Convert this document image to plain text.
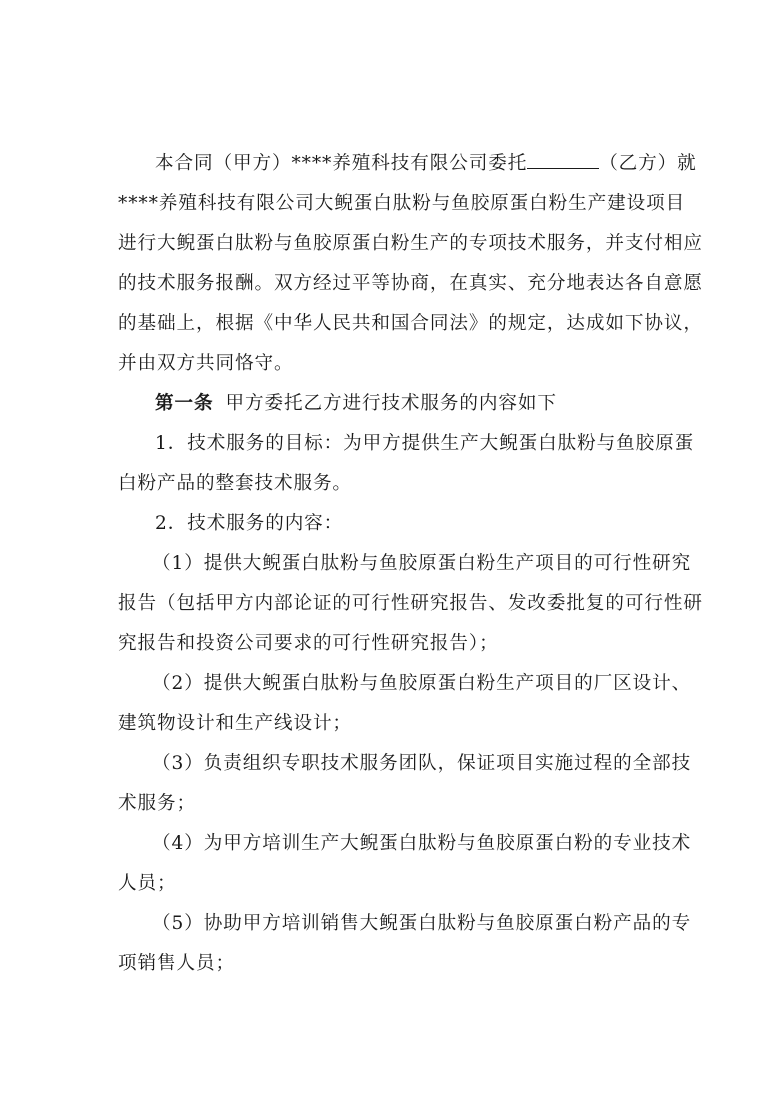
本合同（甲方）****养殖科技有限公司委托	（乙方）就
****养殖科技有限公司大鲵蛋白肽粉与鱼胶原蛋白粉生产建设项目
进行大鲵蛋白肽粉与鱼胶原蛋白粉生产的专项技术服务，并支付相应
的技术服务报酬。双方经过平等协商，在真实、充分地表达各自意愿
的基础上，根据《中华人民共和国合同法》的规定，达成如下协议，
并由双方共同恪守。
第一条 甲方委托乙方进行技术服务的内容如下
1．技术服务的目标：为甲方提供生产大鲵蛋白肽粉与鱼胶原蛋
白粉产品的整套技术服务。
2．技术服务的内容：
（1）提供大鲵蛋白肽粉与鱼胶原蛋白粉生产项目的可行性研究
报告（包括甲方内部论证的可行性研究报告、发改委批复的可行性研
究报告和投资公司要求的可行性研究报告）；
（2）提供大鲵蛋白肽粉与鱼胶原蛋白粉生产项目的厂区设计、
建筑物设计和生产线设计；
（3）负责组织专职技术服务团队，保证项目实施过程的全部技
术服务；
（4）为甲方培训生产大鲵蛋白肽粉与鱼胶原蛋白粉的专业技术
人员；
（5）协助甲方培训销售大鲵蛋白肽粉与鱼胶原蛋白粉产品的专
项销售人员；
